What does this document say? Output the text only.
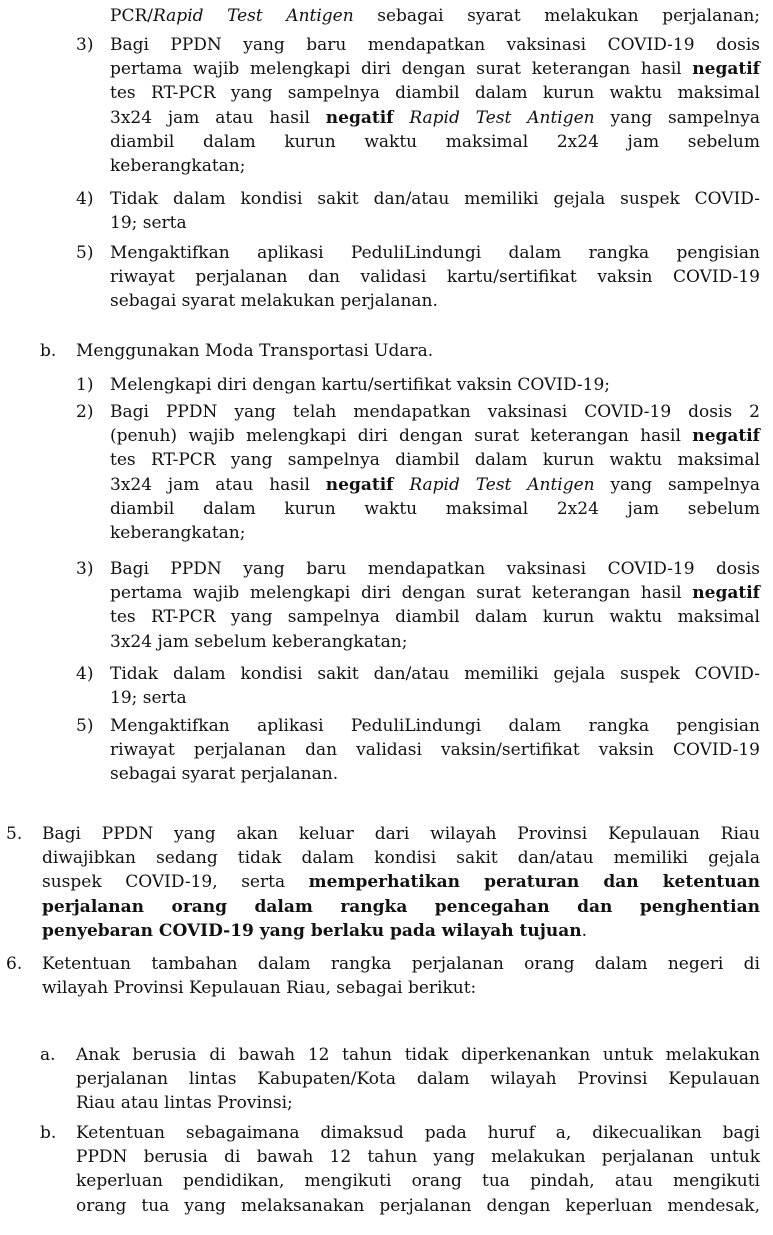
PCR/Rapid Test Antigen sebagai syarat melakukan perjalanan;
3) Bagi PPDN yang baru mendapatkan vaksinasi COVID-19 dosis
pertama wajib melengkapi diri dengan surat keterangan hasil negatif
tes RT-PCR yang sampelnya diambil dalam kurun waktu maksimal
3x24 jam atau hasil negatif Rapid Test Antigen yang sampelnya
diambil dalam kurun waktu maksimal 2x24 jam sebelum
keberangkatan;
4) Tidak dalam kondisi sakit dan/atau memiliki gejala suspek COVID-
19; serta
5) Mengaktifkan aplikasi PeduliLindungi dalam rangka pengisian
riwayat perjalanan dan validasi kartu/sertifikat vaksin COVID-19
sebagai syarat melakukan perjalanan.
b. Menggunakan Moda Transportasi Udara.
1) Melengkapi diri dengan kartu/sertifikat vaksin COVID-19;
2) Bagi PPDN yang telah mendapatkan vaksinasi COVID-19 dosis 2
(penuh) wajib melengkapi diri dengan surat keterangan hasil negatif
tes RT-PCR yang sampelnya diambil dalam kurun waktu maksimal
3x24 jam atau hasil negatif Rapid Test Antigen yang sampelnya
diambil dalam kurun waktu maksimal 2x24 jam sebelum
keberangkatan;
3) Bagi PPDN yang baru mendapatkan vaksinasi COVID-19 dosis
pertama wajib melengkapi diri dengan surat keterangan hasil negatif
tes RT-PCR yang sampelnya diambil dalam kurun waktu maksimal
3x24 jam sebelum keberangkatan;
4) Tidak dalam kondisi sakit dan/atau memiliki gejala suspek COVID-
19; serta
5) Mengaktifkan aplikasi PeduliLindungi dalam rangka pengisian
riwayat perjalanan dan validasi vaksin/sertifikat vaksin COVID-19
sebagai syarat perjalanan.
5. Bagi PPDN yang akan keluar dari wilayah Provinsi Kepulauan Riau
diwajibkan sedang tidak dalam kondisi sakit dan/atau memiliki gejala
suspek COVID-19, serta memperhatikan peraturan dan ketentuan
perjalanan orang dalam rangka pencegahan dan penghentian
penyebaran COVID-19 yang berlaku pada wilayah tujuan.
6. Ketentuan tambahan dalam rangka perjalanan orang dalam negeri di
wilayah Provinsi Kepulauan Riau, sebagai berikut:
a. Anak berusia di bawah 12 tahun tidak diperkenankan untuk melakukan
perjalanan lintas Kabupaten/Kota dalam wilayah Provinsi Kepulauan
Riau atau lintas Provinsi;
b. Ketentuan sebagaimana dimaksud pada huruf a, dikecualikan bagi
PPDN berusia di bawah 12 tahun yang melakukan perjalanan untuk
keperluan pendidikan, mengikuti orang tua pindah, atau mengikuti
orang tua yang melaksanakan perjalanan dengan keperluan mendesak,
